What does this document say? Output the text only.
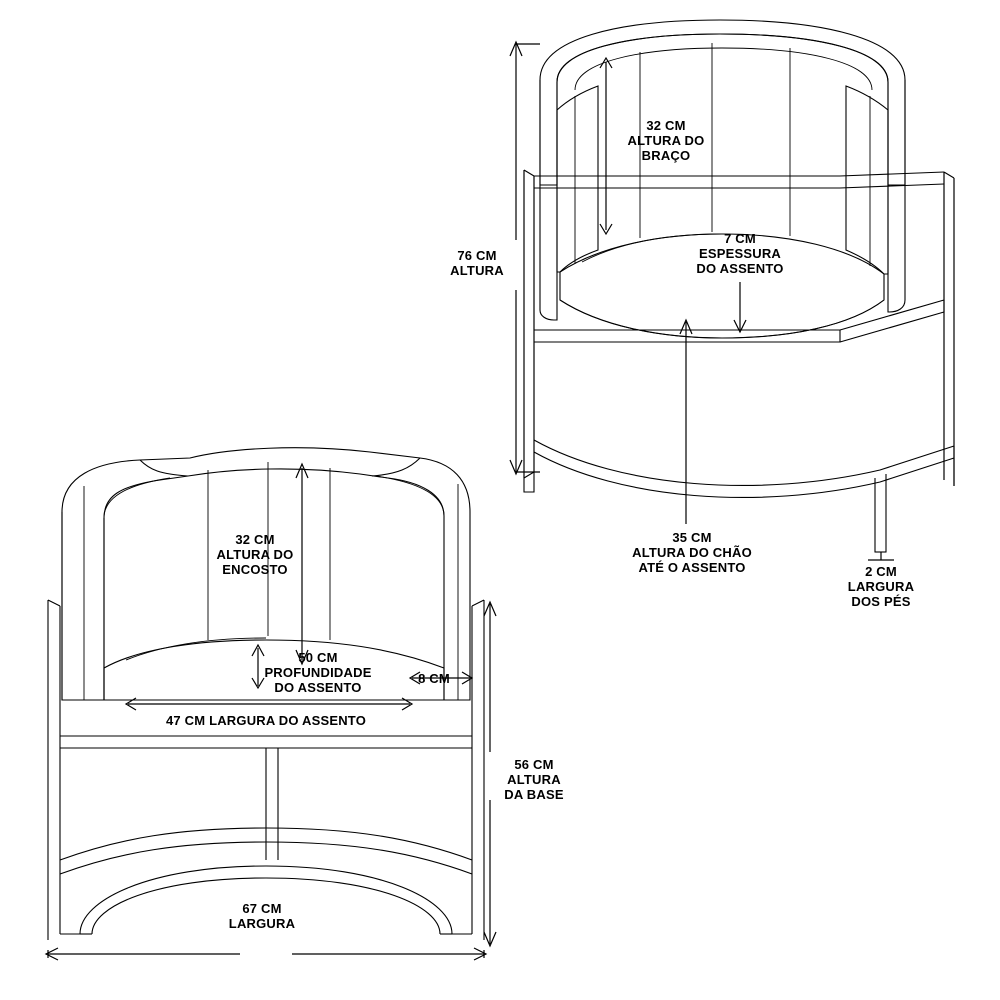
32 CM
ALTURA DO
BRAÇO
76 CM
ALTURA
7 CM
ESPESSURA
DO ASSENTO
35 CM
ALTURA DO CHÃO
ATÉ O ASSENTO	2 CM
LARGURA
DOS PÉS
32 CM
ALTURA DO
ENCOSTO
50 CM
PROFUNDIDADE
DO ASSENTO
8 CM
47 CM LARGURA DO ASSENTO
56 CM
ALTURA
DA BASE
67 CM
LARGURA
